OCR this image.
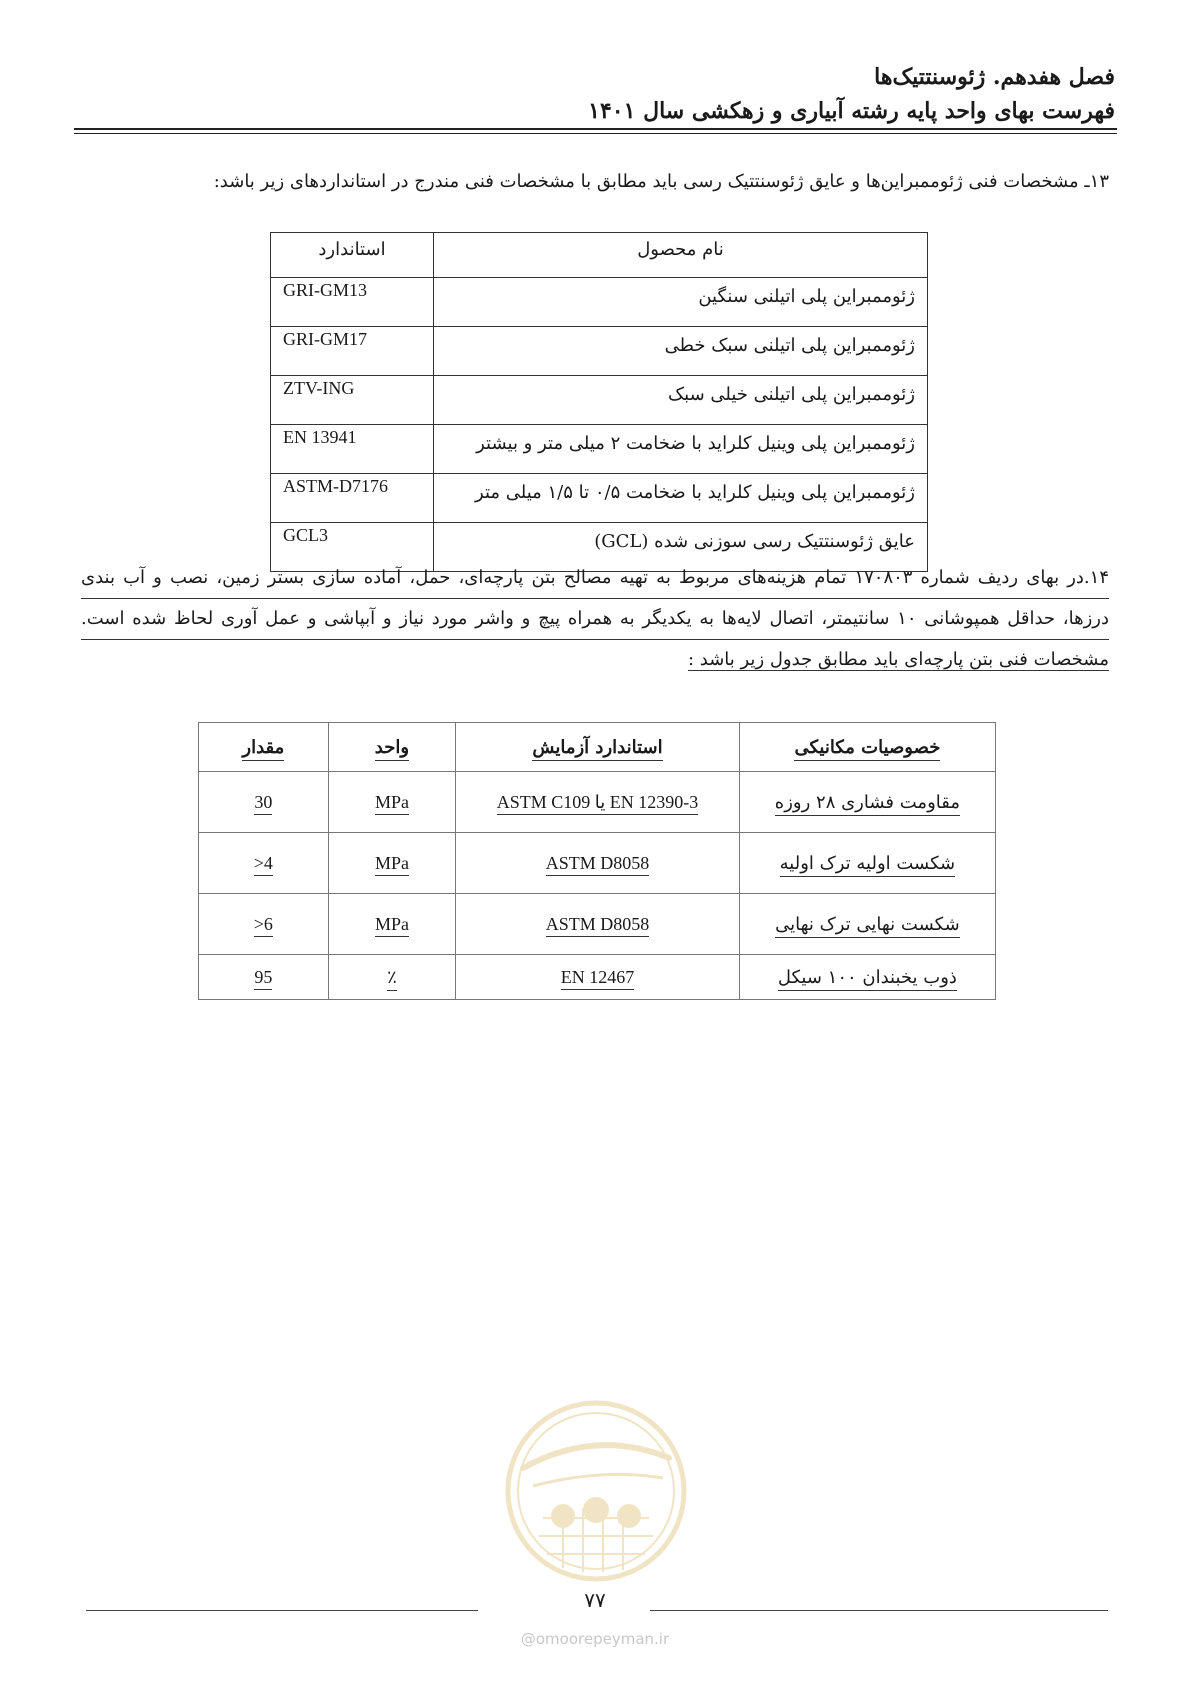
فصل هفدهم. ژئوسنتتیک‌ها
فهرست بهای واحد پایه رشته آبیاری و زهکشی سال ۱۴۰۱
۱۳ـ مشخصات فنی ژئوممبراین‌ها و عایق ژئوسنتتیک رسی باید مطابق با مشخصات فنی مندرج در استانداردهای زیر باشد:
نام محصول	استاندارد
ژئوممبراین پلی اتیلنی سنگین	GRI-GM13
ژئوممبراین پلی اتیلنی سبک خطی	GRI-GM17
ژئوممبراین پلی اتیلنی خیلی سبک	ZTV-ING
ژئوممبراین پلی وینیل کلراید با ضخامت ۲ میلی متر و بیشتر	EN 13941
ژئوممبراین پلی وینیل کلراید با ضخامت ۰/۵ تا ۱/۵ میلی متر	ASTM-D7176
عایق ژئوسنتتیک رسی سوزنی شده (GCL)	GCL3
۱۴.در بهای ردیف شماره ۱۷۰۸۰۳ تمام هزینه‌های مربوط به تهیه مصالح بتن پارچه‌ای، حمل، آماده سازی بستر زمین، نصب و آب بندی
درزها، حداقل همپوشانی ۱۰ سانتیمتر، اتصال لایه‌ها به یکدیگر به همراه پیچ و واشر مورد نیاز و آبپاشی و عمل آوری لحاظ شده است.
مشخصات فنی بتن پارچه‌ای باید مطابق جدول زیر باشد :
خصوصیات مکانیکی	استاندارد آزمایش	واحد	مقدار
مقاومت فشاری ۲۸ روزه	ASTM C109 یا EN 12390-3	MPa	30
شکست اولیه ترک اولیه	ASTM D8058	MPa	>4
شکست نهایی ترک نهایی	ASTM D8058	MPa	>6
ذوب یخبندان ۱۰۰ سیکل	EN 12467	٪	95
۷۷
@omoorepeyman.ir
